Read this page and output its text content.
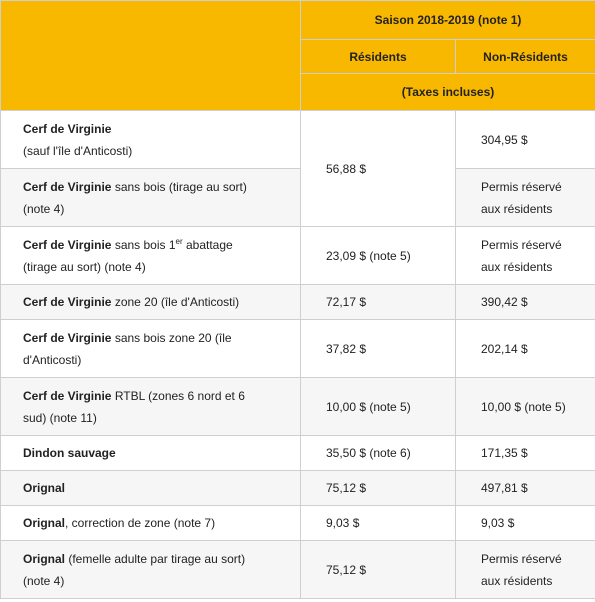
	Saison 2018-2019 (note 1)	
	Résidents	Non-Résidents
	(Taxes incluses)	
Cerf de Virginie
(sauf l'île d'Anticosti)	56,88 $	304,95 $
Cerf de Virginie sans bois (tirage au sort)
(note 4)		Permis réservé
aux résidents
Cerf de Virginie sans bois 1er abattage
(tirage au sort) (note 4)	23,09 $ (note 5)	Permis réservé
aux résidents
Cerf de Virginie zone 20 (île d'Anticosti)	72,17 $	390,42 $
Cerf de Virginie sans bois zone 20 (île
d'Anticosti)	37,82 $	202,14 $
Cerf de Virginie RTBL (zones 6 nord et 6
sud) (note 11)	10,00 $ (note 5)	10,00 $ (note 5)
Dindon sauvage	35,50 $ (note 6)	171,35 $
Orignal	75,12 $	497,81 $
Orignal, correction de zone (note 7)	9,03 $	9,03 $
Orignal (femelle adulte par tirage au sort)
(note 4)	75,12 $	Permis réservé
aux résidents
